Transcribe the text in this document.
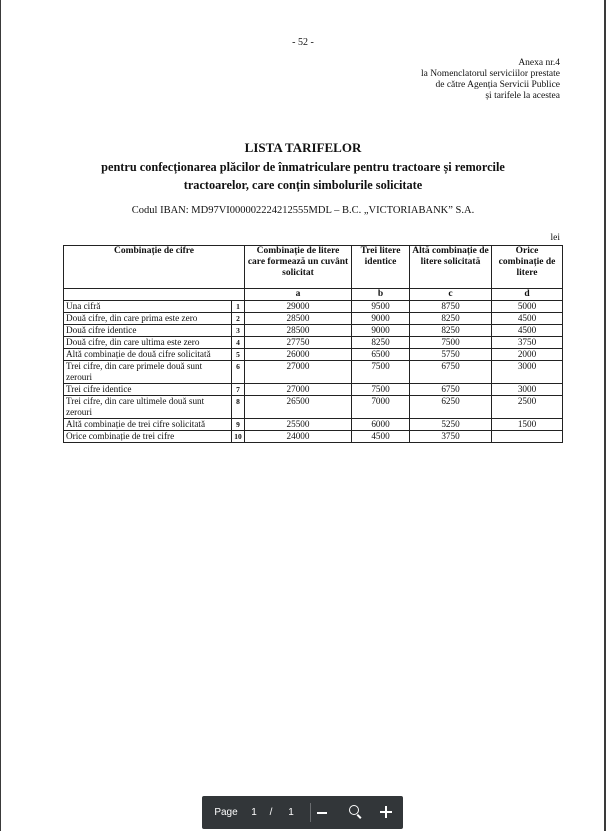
- 52 -
Anexa nr.4
la Nomenclatorul serviciilor prestate
de către Agenția Servicii Publice
și tarifele la acestea
LISTA TARIFELOR
pentru confecționarea plăcilor de înmatriculare pentru tractoare și remorcile
tractoarelor, care conțin simbolurile solicitate
Codul IBAN: MD97VI000002224212555MDL – B.C. „VICTORIABANK” S.A.
lei
Combinație de cifre		Combinație de litere care formează un cuvânt solicitat	Trei litere identice	Altă combinație de litere solicitată	Orice combinație de litere
		a	b	c	d
Una cifră	1	29000	9500	8750	5000
Două cifre, din care prima este zero	2	28500	9000	8250	4500
Două cifre identice	3	28500	9000	8250	4500
Două cifre, din care ultima este zero	4	27750	8250	7500	3750
Altă combinație de două cifre solicitată	5	26000	6500	5750	2000
Trei cifre, din care primele două sunt zerouri	6	27000	7500	6750	3000
Trei cifre identice	7	27000	7500	6750	3000
Trei cifre, din care ultimele două sunt zerouri	8	26500	7000	6250	2500
Altă combinație de trei cifre solicitată	9	25500	6000	5250	1500
Orice combinație de trei cifre	10	24000	4500	3750	
Page	1	/	1
